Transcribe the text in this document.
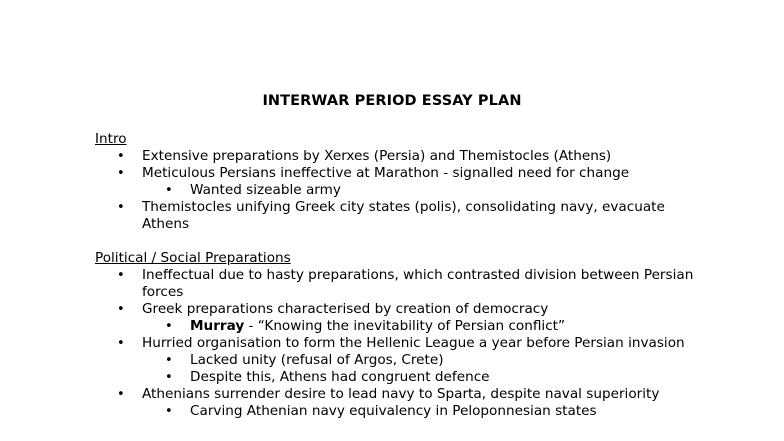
INTERWAR PERIOD ESSAY PLAN
Intro
• Extensive preparations by Xerxes (Persia) and Themistocles (Athens)
• Meticulous Persians ineffective at Marathon - signalled need for change
• Wanted sizeable army
• Themistocles unifying Greek city states (polis), consolidating navy, evacuate Athens
Political / Social Preparations
• Ineffectual due to hasty preparations, which contrasted division between Persian forces
• Greek preparations characterised by creation of democracy
• Murray - “Knowing the inevitability of Persian conflict”
• Hurried organisation to form the Hellenic League a year before Persian invasion
• Lacked unity (refusal of Argos, Crete)
• Despite this, Athens had congruent defence
• Athenians surrender desire to lead navy to Sparta, despite naval superiority
• Carving Athenian navy equivalency in Peloponnesian states
